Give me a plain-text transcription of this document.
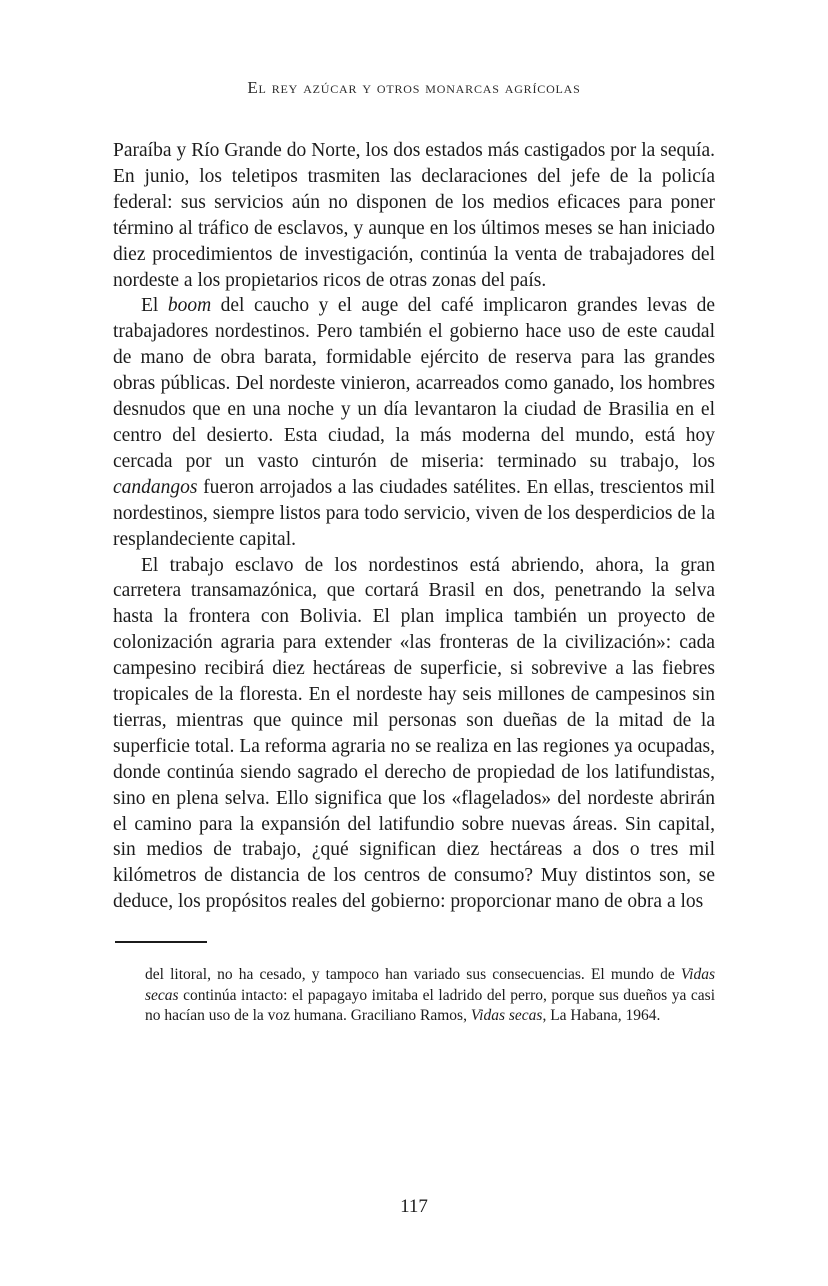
El rey azúcar y otros monarcas agrícolas

Paraíba y Río Grande do Norte, los dos estados más castigados por la sequía. En junio, los teletipos trasmiten las declaraciones del jefe de la policía federal: sus servicios aún no disponen de los medios eficaces para poner término al tráfico de esclavos, y aunque en los últimos meses se han iniciado diez procedimientos de investigación, continúa la venta de trabajadores del nordeste a los propietarios ricos de otras zonas del país.

El boom del caucho y el auge del café implicaron grandes levas de trabajadores nordestinos. Pero también el gobierno hace uso de este caudal de mano de obra barata, formidable ejército de reserva para las grandes obras públicas. Del nordeste vinieron, acarreados como ganado, los hombres desnudos que en una noche y un día levantaron la ciudad de Brasilia en el centro del desierto. Esta ciudad, la más moderna del mundo, está hoy cercada por un vasto cinturón de miseria: terminado su trabajo, los candangos fueron arrojados a las ciudades satélites. En ellas, trescientos mil nordestinos, siempre listos para todo servicio, viven de los desperdicios de la resplandeciente capital.

El trabajo esclavo de los nordestinos está abriendo, ahora, la gran carretera transamazónica, que cortará Brasil en dos, penetrando la selva hasta la frontera con Bolivia. El plan implica también un proyecto de colonización agraria para extender «las fronteras de la civilización»: cada campesino recibirá diez hectáreas de superficie, si sobrevive a las fiebres tropicales de la floresta. En el nordeste hay seis millones de campesinos sin tierras, mientras que quince mil personas son dueñas de la mitad de la superficie total. La reforma agraria no se realiza en las regiones ya ocupadas, donde continúa siendo sagrado el derecho de propiedad de los latifundistas, sino en plena selva. Ello significa que los «flagelados» del nordeste abrirán el camino para la expansión del latifundio sobre nuevas áreas. Sin capital, sin medios de trabajo, ¿qué significan diez hectáreas a dos o tres mil kilómetros de distancia de los centros de consumo? Muy distintos son, se deduce, los propósitos reales del gobierno: proporcionar mano de obra a los

del litoral, no ha cesado, y tampoco han variado sus consecuencias. El mundo de Vidas secas continúa intacto: el papagayo imitaba el ladrido del perro, porque sus dueños ya casi no hacían uso de la voz humana. Graciliano Ramos, Vidas secas, La Habana, 1964.
117
